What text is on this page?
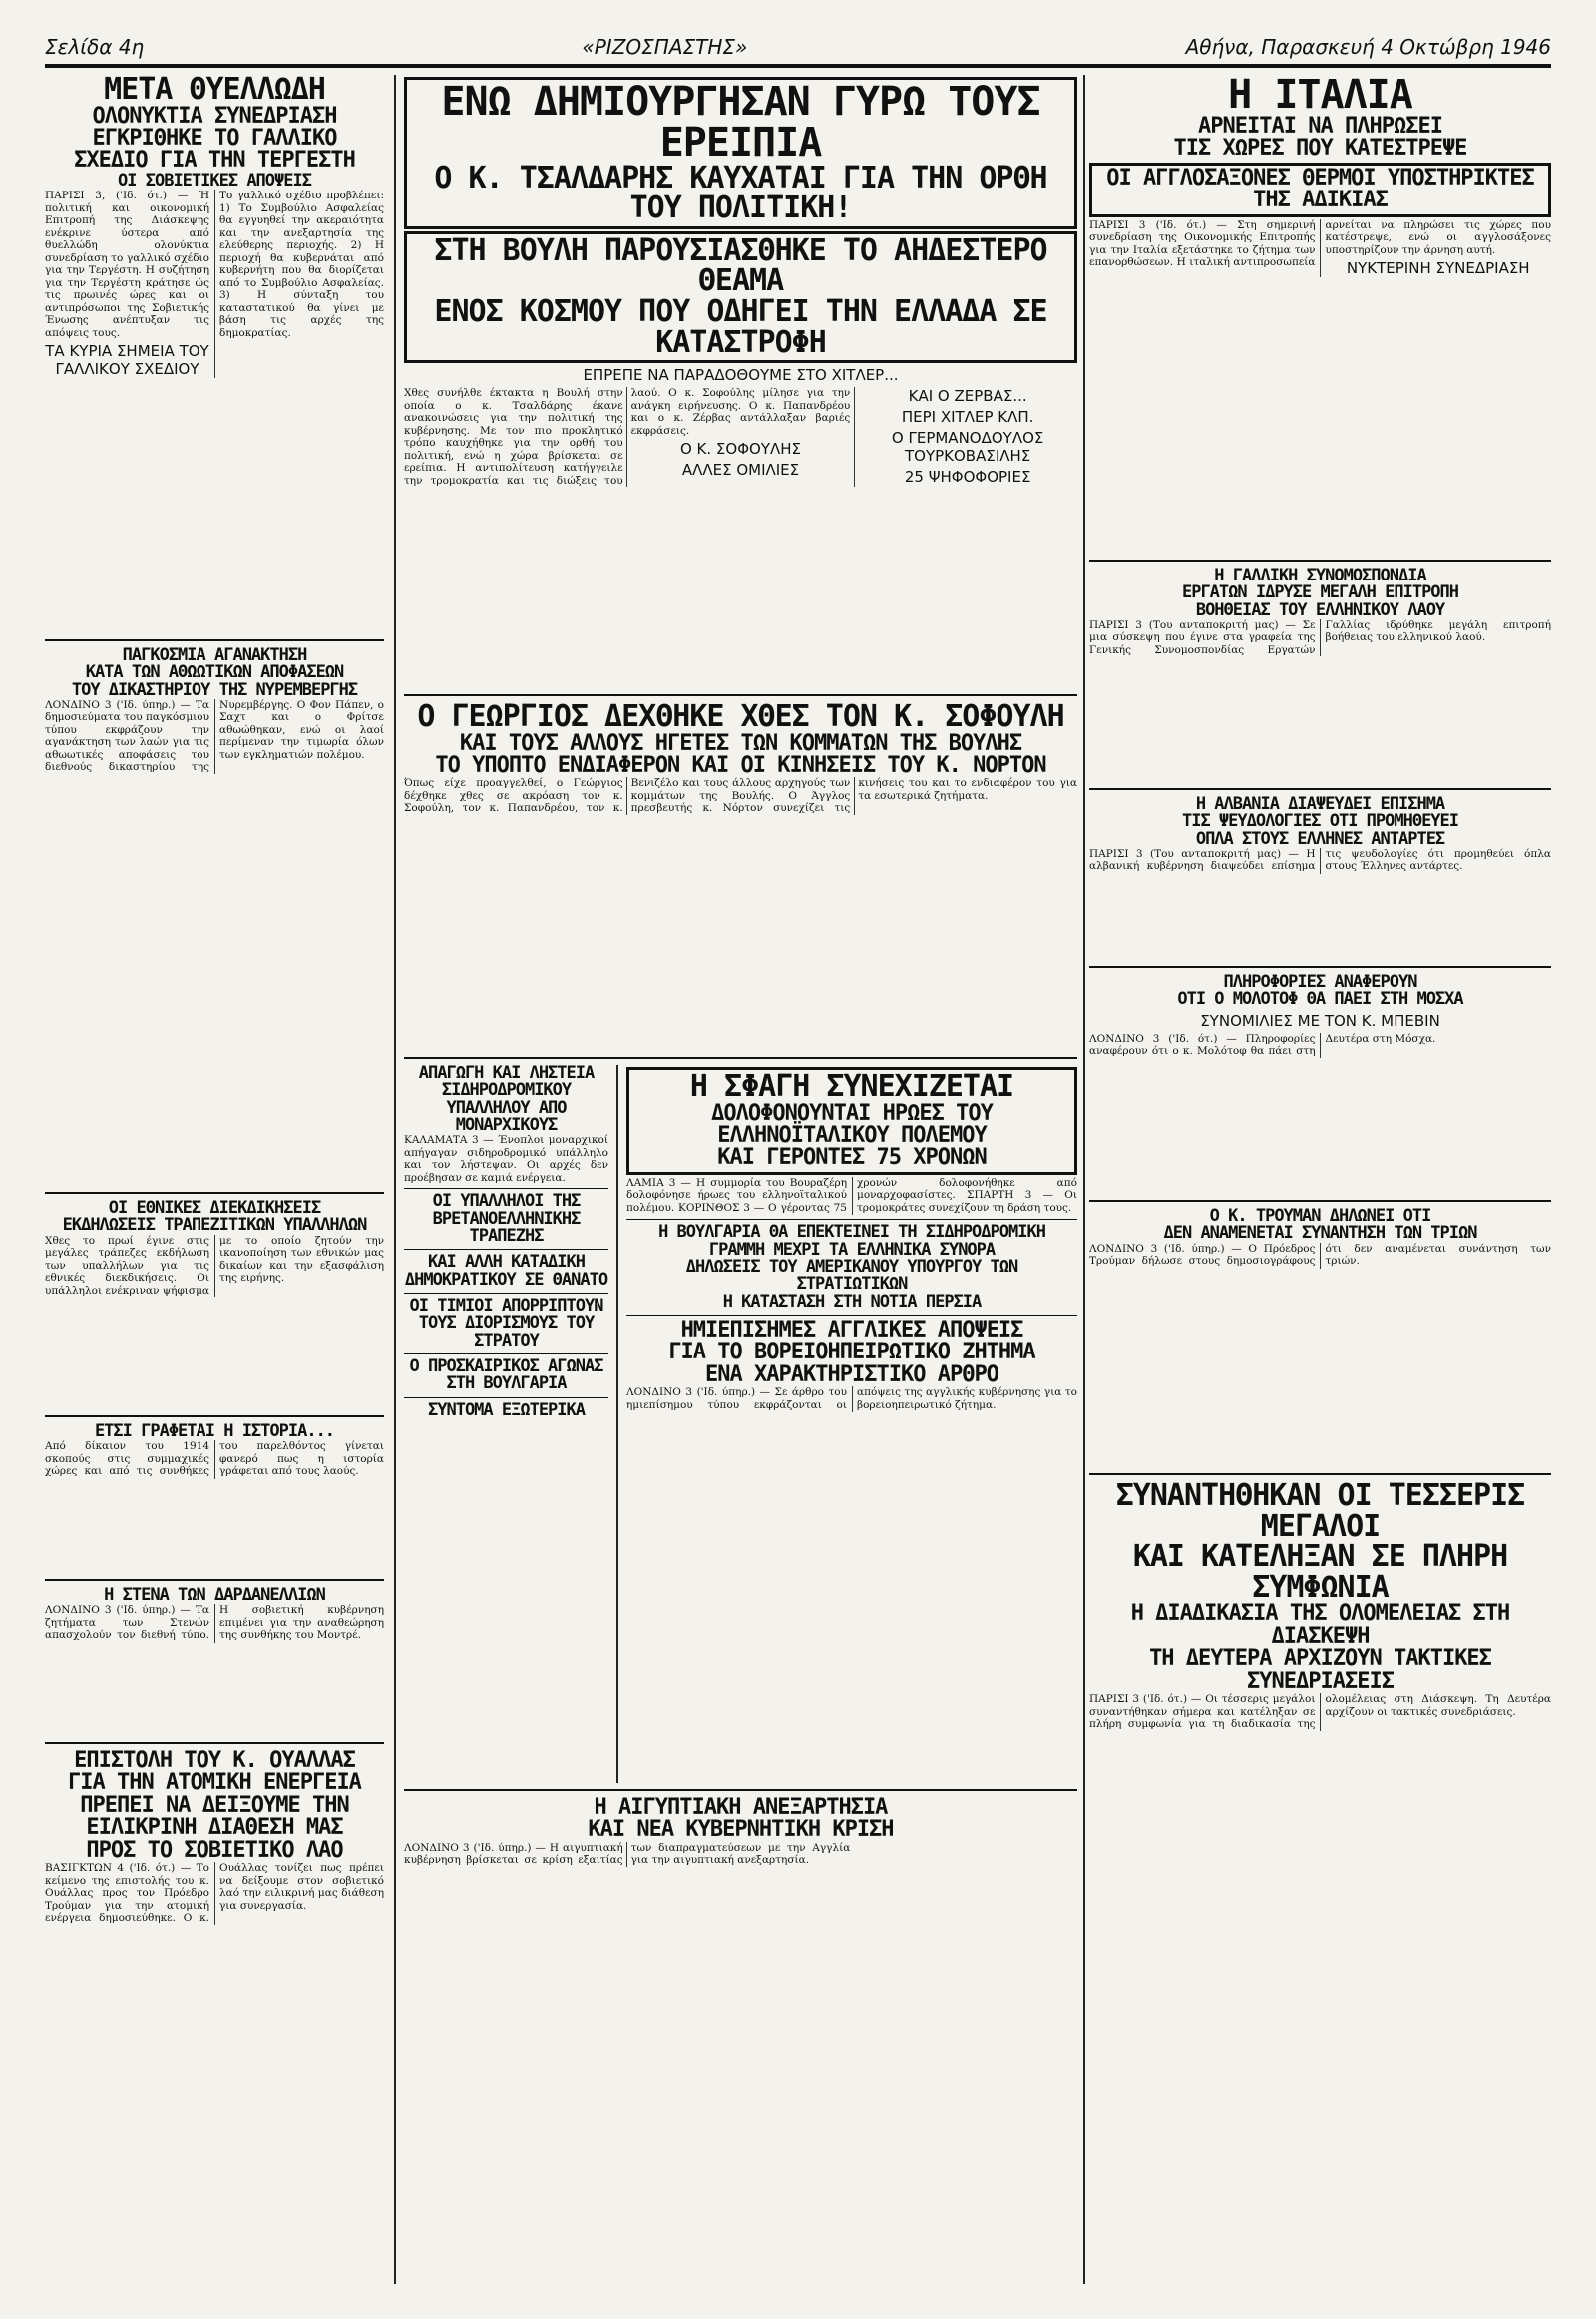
Σελίδα 4η	«ΡΙΖΟΣΠΑΣΤΗΣ»	Αθήνα, Παρασκευή 4 Οκτώβρη 1946

ΜΕΤΑ ΘΥΕΛΛΩΔΗ

ΟΛΟΝΥΚΤΙΑ ΣΥΝΕΔΡΙΑΣΗ

ΕΓΚΡΙΘΗΚΕ ΤΟ ΓΑΛΛΙΚΟ

ΣΧΕΔΙΟ ΓΙΑ ΤΗΝ ΤΕΡΓΕΣΤΗ

ΟΙ ΣΟΒΙΕΤΙΚΕΣ ΑΠΟΨΕΙΣ

ΠΑΡΙΣΙ 3, ('Ιδ. ότ.) — Ή πολιτική και οικονομική Επιτροπή της Διάσκεψης ενέκρινε ύστερα από θυελλώδη ολονύκτια συνεδρίαση το γαλλικό σχέδιο για την Τεργέστη. Η συζήτηση για την Τεργέστη κράτησε ώς τις πρωινές ώρες και οι αντιπρόσωποι της Σοβιετικής Ένωσης ανέπτυξαν τις απόψεις τους.

ΤΑ ΚΥΡΙΑ ΣΗΜΕΙΑ ΤΟΥ ΓΑΛΛΙΚΟΥ ΣΧΕΔΙΟΥ

Το γαλλικό σχέδιο προβλέπει: 1) Το Συμβούλιο Ασφαλείας θα εγγυηθεί την ακεραιότητα και την ανεξαρτησία της ελεύθερης περιοχής. 2) Η περιοχή θα κυβερνάται από κυβερνήτη που θα διορίζεται από το Συμβούλιο Ασφαλείας. 3) Η σύνταξη του καταστατικού θα γίνει με βάση τις αρχές της δημοκρατίας.

ΠΑΓΚΟΣΜΙΑ ΑΓΑΝΑΚΤΗΣΗ

ΚΑΤΑ ΤΩΝ ΑΘΩΩΤΙΚΩΝ ΑΠΟΦΑΣΕΩΝ

ΤΟΥ ΔΙΚΑΣΤΗΡΙΟΥ ΤΗΣ ΝΥΡΕΜΒΕΡΓΗΣ

ΛΟΝΔΙΝΟ 3 ('Ιδ. ύπηρ.) — Τα δημοσιεύματα του παγκόσμιου τύπου εκφράζουν την αγανάκτηση των λαών για τις αθωωτικές αποφάσεις του διεθνούς δικαστηρίου της Νυρεμβέργης. Ο Φον Πάπεν, ο Σαχτ και ο Φρίτσε αθωώθηκαν, ενώ οι λαοί περίμεναν την τιμωρία όλων των εγκληματιών πολέμου.

ΟΙ ΕΘΝΙΚΕΣ ΔΙΕΚΔΙΚΗΣΕΙΣ

ΕΚΔΗΛΩΣΕΙΣ ΤΡΑΠΕΖΙΤΙΚΩΝ ΥΠΑΛΛΗΛΩΝ

Χθες το πρωί έγινε στις μεγάλες τράπεζες εκδήλωση των υπαλλήλων για τις εθνικές διεκδικήσεις. Οι υπάλληλοι ενέκριναν ψήφισμα με το οποίο ζητούν την ικανοποίηση των εθνικών μας δικαίων και την εξασφάλιση της ειρήνης.

ΕΤΣΙ ΓΡΑΦΕΤΑΙ Η ΙΣΤΟΡΙΑ...

Από δίκαιον του 1914 σκοπούς στις συμμαχικές χώρες και από τις συνθήκες του παρελθόντος γίνεται φανερό πως η ιστορία γράφεται από τους λαούς.

Η ΣΤΕΝΑ ΤΩΝ ΔΑΡΔΑΝΕΛΛΙΩΝ

ΛΟΝΔΙΝΟ 3 ('Ιδ. ύπηρ.) — Τα ζητήματα των Στενών απασχολούν τον διεθνή τύπο. Η σοβιετική κυβέρνηση επιμένει για την αναθεώρηση της συνθήκης του Μοντρέ.

ΕΠΙΣΤΟΛΗ ΤΟΥ Κ. ΟΥΑΛΛΑΣ

ΓΙΑ ΤΗΝ ΑΤΟΜΙΚΗ ΕΝΕΡΓΕΙΑ

ΠΡΕΠΕΙ ΝΑ ΔΕΙΞΟΥΜΕ ΤΗΝ

ΕΙΛΙΚΡΙΝΗ ΔΙΑΘΕΣΗ ΜΑΣ

ΠΡΟΣ ΤΟ ΣΟΒΙΕΤΙΚΟ ΛΑΟ

ΒΑΣΙΓΚΤΩΝ 4 ('Ιδ. ότ.) — Το κείμενο της επιστολής του κ. Ουάλλας προς τον Πρόεδρο Τρούμαν για την ατομική ενέργεια δημοσιεύθηκε. Ο κ. Ουάλλας τονίζει πως πρέπει να δείξουμε στον σοβιετικό λαό την ειλικρινή μας διάθεση για συνεργασία.

ΕΝΩ ΔΗΜΙΟΥΡΓΗΣΑΝ ΓΥΡΩ ΤΟΥΣ ΕΡΕΙΠΙΑ

Ο Κ. ΤΣΑΛΔΑΡΗΣ ΚΑΥΧΑΤΑΙ ΓΙΑ ΤΗΝ ΟΡΘΗ ΤΟΥ ΠΟΛΙΤΙΚΗ!

ΣΤΗ ΒΟΥΛΗ ΠΑΡΟΥΣΙΑΣΘΗΚΕ ΤΟ ΑΗΔΕΣΤΕΡΟ ΘΕΑΜΑ

ΕΝΟΣ ΚΟΣΜΟΥ ΠΟΥ ΟΔΗΓΕΙ ΤΗΝ ΕΛΛΑΔΑ ΣΕ ΚΑΤΑΣΤΡΟΦΗ

ΕΠΡΕΠΕ ΝΑ ΠΑΡΑΔΟΘΟΥΜΕ ΣΤΟ ΧΙΤΛΕΡ...

Χθες συνήλθε έκτακτα η Βουλή στην οποία ο κ. Τσαλδάρης έκανε ανακοινώσεις για την πολιτική της κυβέρνησης. Με τον πιο προκλητικό τρόπο καυχήθηκε για την ορθή του πολιτική, ενώ η χώρα βρίσκεται σε ερείπια. Η αντιπολίτευση κατήγγειλε την τρομοκρατία και τις διώξεις του λαού. Ο κ. Σοφούλης μίλησε για την ανάγκη ειρήνευσης. Ο κ. Παπανδρέου και ο κ. Ζέρβας αντάλλαξαν βαριές εκφράσεις.

Ο Κ. ΣΟΦΟΥΛΗΣ

ΑΛΛΕΣ ΟΜΙΛΙΕΣ

ΚΑΙ Ο ΖΕΡΒΑΣ...

ΠΕΡΙ ΧΙΤΛΕΡ ΚΛΠ.

Ο ΓΕΡΜΑΝΟΔΟΥΛΟΣ ΤΟΥΡΚΟΒΑΣΙΛΗΣ

25 ΨΗΦΟΦΟΡΙΕΣ

Ο ΓΕΩΡΓΙΟΣ ΔΕΧΘΗΚΕ ΧΘΕΣ ΤΟΝ Κ. ΣΟΦΟΥΛΗ

ΚΑΙ ΤΟΥΣ ΑΛΛΟΥΣ ΗΓΕΤΕΣ ΤΩΝ ΚΟΜΜΑΤΩΝ ΤΗΣ ΒΟΥΛΗΣ

ΤΟ ΥΠΟΠΤΟ ΕΝΔΙΑΦΕΡΟΝ ΚΑΙ ΟΙ ΚΙΝΗΣΕΙΣ ΤΟΥ Κ. ΝΟΡΤΟΝ

Όπως είχε προαγγελθεί, ο Γεώργιος δέχθηκε χθες σε ακρόαση τον κ. Σοφούλη, τον κ. Παπανδρέου, τον κ. Βενιζέλο και τους άλλους αρχηγούς των κομμάτων της Βουλής. Ο Άγγλος πρεσβευτής κ. Νόρτον συνεχίζει τις κινήσεις του και το ενδιαφέρον του για τα εσωτερικά ζητήματα.

ΑΠΑΓΩΓΗ ΚΑΙ ΛΗΣΤΕΙΑ ΣΙΔΗΡΟΔΡΟΜΙΚΟΥ ΥΠΑΛΛΗΛΟΥ ΑΠΟ ΜΟΝΑΡΧΙΚΟΥΣ

ΚΑΛΑΜΑΤΑ 3 — Ένοπλοι μοναρχικοί απήγαγαν σιδηροδρομικό υπάλληλο και τον λήστεψαν. Οι αρχές δεν προέβησαν σε καμιά ενέργεια.

ΟΙ ΥΠΑΛΛΗΛΟΙ ΤΗΣ ΒΡΕΤΑΝΟΕΛΛΗΝΙΚΗΣ ΤΡΑΠΕΖΗΣ

ΚΑΙ ΑΛΛΗ ΚΑΤΑΔΙΚΗ ΔΗΜΟΚΡΑΤΙΚΟΥ ΣΕ ΘΑΝΑΤΟ

ΟΙ ΤΙΜΙΟΙ ΑΠΟΡΡΙΠΤΟΥΝ ΤΟΥΣ ΔΙΟΡΙΣΜΟΥΣ ΤΟΥ ΣΤΡΑΤΟΥ

Ο ΠΡΟΣΚΑΙΡΙΚΟΣ ΑΓΩΝΑΣ ΣΤΗ ΒΟΥΛΓΑΡΙΑ

ΣΥΝΤΟΜΑ ΕΞΩΤΕΡΙΚΑ

Η ΣΦΑΓΗ ΣΥΝΕΧΙΖΕΤΑΙ

ΔΟΛΟΦΟΝΟΥΝΤΑΙ ΗΡΩΕΣ ΤΟΥ ΕΛΛΗΝΟΪΤΑΛΙΚΟΥ ΠΟΛΕΜΟΥ

ΚΑΙ ΓΕΡΟΝΤΕΣ 75 ΧΡΟΝΩΝ

ΛΑΜΙΑ 3 — Η συμμορία του Βουραζέρη δολοφόνησε ήρωες του ελληνοϊταλικού πολέμου. ΚΟΡΙΝΘΟΣ 3 — Ο γέροντας 75 χρονών δολοφονήθηκε από μοναρχοφασίστες. ΣΠΑΡΤΗ 3 — Οι τρομοκράτες συνεχίζουν τη δράση τους.

Η ΒΟΥΛΓΑΡΙΑ ΘΑ ΕΠΕΚΤΕΙΝΕΙ ΤΗ ΣΙΔΗΡΟΔΡΟΜΙΚΗ ΓΡΑΜΜΗ ΜΕΧΡΙ ΤΑ ΕΛΛΗΝΙΚΑ ΣΥΝΟΡΑ

ΔΗΛΩΣΕΙΣ ΤΟΥ ΑΜΕΡΙΚΑΝΟΥ ΥΠΟΥΡΓΟΥ ΤΩΝ ΣΤΡΑΤΙΩΤΙΚΩΝ

Η ΚΑΤΑΣΤΑΣΗ ΣΤΗ ΝΟΤΙΑ ΠΕΡΣΙΑ

ΗΜΙΕΠΙΣΗΜΕΣ ΑΓΓΛΙΚΕΣ ΑΠΟΨΕΙΣ

ΓΙΑ ΤΟ ΒΟΡΕΙΟΗΠΕΙΡΩΤΙΚΟ ΖΗΤΗΜΑ

ΕΝΑ ΧΑΡΑΚΤΗΡΙΣΤΙΚΟ ΑΡΘΡΟ

ΛΟΝΔΙΝΟ 3 ('Ιδ. ύπηρ.) — Σε άρθρο του ημιεπίσημου τύπου εκφράζονται οι απόψεις της αγγλικής κυβέρνησης για το βορειοηπειρωτικό ζήτημα.

Η ΑΙΓΥΠΤΙΑΚΗ ΑΝΕΞΑΡΤΗΣΙΑ

ΚΑΙ ΝΕΑ ΚΥΒΕΡΝΗΤΙΚΗ ΚΡΙΣΗ

ΛΟΝΔΙΝΟ 3 ('Ιδ. ύπηρ.) — Η αιγυπτιακή κυβέρνηση βρίσκεται σε κρίση εξαιτίας των διαπραγματεύσεων με την Αγγλία για την αιγυπτιακή ανεξαρτησία.

Η ΙΤΑΛΙΑ

ΑΡΝΕΙΤΑΙ ΝΑ ΠΛΗΡΩΣΕΙ

ΤΙΣ ΧΩΡΕΣ ΠΟΥ ΚΑΤΕΣΤΡΕΨΕ

ΟΙ ΑΓΓΛΟΣΑΞΟΝΕΣ ΘΕΡΜΟΙ ΥΠΟΣΤΗΡΙΚΤΕΣ ΤΗΣ ΑΔΙΚΙΑΣ

ΠΑΡΙΣΙ 3 ('Ιδ. ότ.) — Στη σημερινή συνεδρίαση της Οικονομικής Επιτροπής για την Ιταλία εξετάστηκε το ζήτημα των επανορθώσεων. Η ιταλική αντιπροσωπεία αρνείται να πληρώσει τις χώρες που κατέστρεψε, ενώ οι αγγλοσάξονες υποστηρίζουν την άρνηση αυτή.

ΝΥΚΤΕΡΙΝΗ ΣΥΝΕΔΡΙΑΣΗ

Η ΓΑΛΛΙΚΗ ΣΥΝΟΜΟΣΠΟΝΔΙΑ

ΕΡΓΑΤΩΝ ΙΔΡΥΣΕ ΜΕΓΑΛΗ ΕΠΙΤΡΟΠΗ

ΒΟΗΘΕΙΑΣ ΤΟΥ ΕΛΛΗΝΙΚΟΥ ΛΑΟΥ

ΠΑΡΙΣΙ 3 (Του ανταποκριτή μας) — Σε μια σύσκεψη που έγινε στα γραφεία της Γενικής Συνομοσπονδίας Εργατών Γαλλίας ιδρύθηκε μεγάλη επιτροπή βοήθειας του ελληνικού λαού.

Η ΑΛΒΑΝΙΑ ΔΙΑΨΕΥΔΕΙ ΕΠΙΣΗΜΑ

ΤΙΣ ΨΕΥΔΟΛΟΓΙΕΣ ΟΤΙ ΠΡΟΜΗΘΕΥΕΙ

ΟΠΛΑ ΣΤΟΥΣ ΕΛΛΗΝΕΣ ΑΝΤΑΡΤΕΣ

ΠΑΡΙΣΙ 3 (Του ανταποκριτή μας) — Η αλβανική κυβέρνηση διαψεύδει επίσημα τις ψευδολογίες ότι προμηθεύει όπλα στους Έλληνες αντάρτες.

ΠΛΗΡΟΦΟΡΙΕΣ ΑΝΑΦΕΡΟΥΝ

ΟΤΙ Ο ΜΟΛΟΤΟΦ ΘΑ ΠΑΕΙ ΣΤΗ ΜΟΣΧΑ

ΣΥΝΟΜΙΛΙΕΣ ΜΕ ΤΟΝ Κ. ΜΠΕΒΙΝ

ΛΟΝΔΙΝΟ 3 ('Ιδ. ότ.) — Πληροφορίες αναφέρουν ότι ο κ. Μολότοφ θα πάει στη Δευτέρα στη Μόσχα.

Ο Κ. ΤΡΟΥΜΑΝ ΔΗΛΩΝΕΙ ΟΤΙ

ΔΕΝ ΑΝΑΜΕΝΕΤΑΙ ΣΥΝΑΝΤΗΣΗ ΤΩΝ ΤΡΙΩΝ

ΛΟΝΔΙΝΟ 3 ('Ιδ. ύπηρ.) — Ο Πρόεδρος Τρούμαν δήλωσε στους δημοσιογράφους ότι δεν αναμένεται συνάντηση των τριών.

ΣΥΝΑΝΤΗΘΗΚΑΝ ΟΙ ΤΕΣΣΕΡΙΣ ΜΕΓΑΛΟΙ

ΚΑΙ ΚΑΤΕΛΗΞΑΝ ΣΕ ΠΛΗΡΗ ΣΥΜΦΩΝΙΑ

Η ΔΙΑΔΙΚΑΣΙΑ ΤΗΣ ΟΛΟΜΕΛΕΙΑΣ ΣΤΗ ΔΙΑΣΚΕΨΗ

ΤΗ ΔΕΥΤΕΡΑ ΑΡΧΙΖΟΥΝ ΤΑΚΤΙΚΕΣ ΣΥΝΕΔΡΙΑΣΕΙΣ

ΠΑΡΙΣΙ 3 ('Ιδ. ότ.) — Οι τέσσερις μεγάλοι συναντήθηκαν σήμερα και κατέληξαν σε πλήρη συμφωνία για τη διαδικασία της ολομέλειας στη Διάσκεψη. Τη Δευτέρα αρχίζουν οι τακτικές συνεδριάσεις.
